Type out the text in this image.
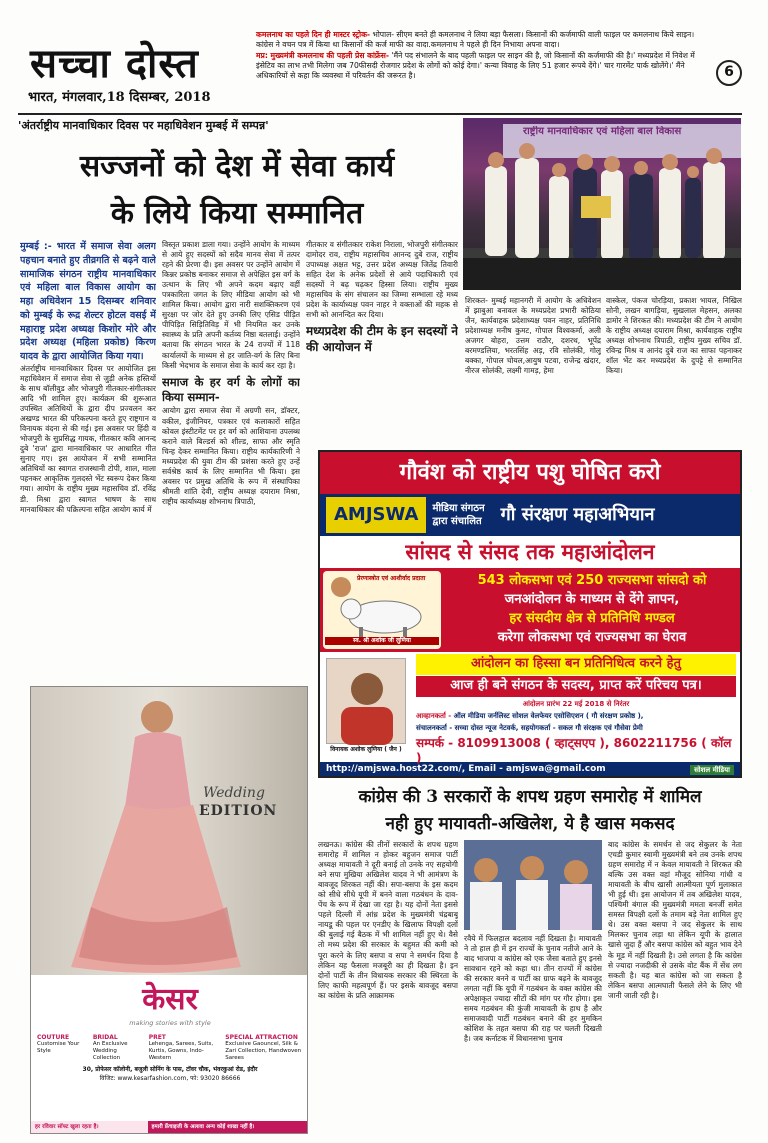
सच्चा दोस्त
भारत, मंगलवार,18 दिसम्बर, 2018

कमलनाथ का पहले दिन ही मास्टर स्ट्रोक- भोपाल- सीएम बनते ही कमलनाथ ने लिया बड़ा फैसला। किसानों की कर्जमाफी वाली फाइल पर कमलनाथ किये साइन। कांग्रेस ने वचन पत्र में किया था किसानों की कर्ज माफी का वादा.कमलनाथ ने पहले ही दिन निभाया अपना वादा।

मप्र: मुख्यमंत्री कमलनाथ की पहली प्रेस कांफ्रेंस- 'मैंने पद संभालने के बाद पहली फाइल पर साइन की है, जो किसानों की कर्जमाफी की है।' मध्यप्रदेश में निवेश में इंसेटिव का लाभ तभी मिलेगा जब 70फीसदी रोजगार प्रदेश के लोगों को कोई देगा।' कन्या विवाह के लिए 51 हजार रूपये देंगे।' चार गारमेंट पार्क खोलेंगे।' मैंने अधिकारियों से कहा कि व्यवस्था में परिवर्तन की जरूरत है।	6
'अंतर्राष्ट्रीय मानवाधिकार दिवस पर महाधिवेशन मुम्बई में सम्पन्न'
सज्जनों को देश में सेवा कार्य
के लिये किया सम्मानित
राष्ट्रीय मानवाधिकार एवं महिला बाल विकास

मुम्बई :- भारत में समाज सेवा अलग पहचान बनाते हुए तीव्रगति से बढ़ने वाले सामाजिक संगठन राष्ट्रीय मानवाधिकार एवं महिला बाल विकास आयोग का महा अधिवेशन 15 दिसम्बर शनिवार को मुम्बई के रूद्र शेल्टर होटल वसई में महाराष्ट्र प्रदेश अध्यक्ष किशोर मोरे और प्रदेश अध्यक्ष (महिला प्रकोष्ठ) किरण यादव के द्वारा आयोजित किया गया।

अंतर्राष्ट्रीय मानवाधिकार दिवस पर आयोजित इस महाधिवेशन में समाज सेवा से जुड़ी अनेक हस्तियों के साथ बॉलीवुड और भोजपुरी गीतकार-संगीतकार आदि भी शामिल हुए। कार्यक्रम की शुरूआत उपस्थित अतिथियों के द्वारा दीप प्रज्वलन कर अखण्ड भारत की परिकल्पना करते हुए राष्ट्रगान व विनायक वंदना से की गई। इस अवसर पर हिंदी व भोजपुरी के सुप्रसिद्ध गायक, गीतकार कवि आनन्द दुबे 'राज' द्वारा मानवाधिकार पर आधारित गीत सुनाए गए। इस आयोजन में सभी सम्मानित अतिथियों का स्वागत राजस्थानी टोपी, शाल, माला पहनकर आकृतिक गुलदस्ते भेंट स्वरूप देकर किया गया। आयोग के राष्ट्रीय मुख्य महासचिव डॉ. रविंद्र डी. मिश्रा द्वारा स्वागत भाषण के साथ मानवाधिकार की पक्रिल्पना सहित आयोग कार्य में

विस्तृत प्रकाश डाला गया। उन्होंने आयोग के माध्यम से आये हुए सदस्यों को सदैव मानव सेवा में तत्पर रहने की प्रेरणा दी। इस अवसर पर उन्होंने आयोग में किन्नर प्रकोष्ठ बनाकर समाज से अपेक्षित इस वर्ग के उत्थान के लिए भी अपने कदम बढ़ाए वहीं पत्रकारिता जगत के लिए मीडिया आयोग को भी शामिल किया। आयोग द्वारा नारी सशक्तिकरण एवं सुरक्षा पर जोर देते हुए उनकी लिए एसिड पीड़ित पीपिड़ित सिड़ितिविड़ में भी नियमित कर उनके स्वास्थ्य के प्रति अपनी कर्तव्य निष्ठा बतलाई। उन्होंने बताया कि संगठन भारत के 24 राज्यों में 118 कार्यालयों के माध्यम से हर जाति-वर्ग के लिए बिना किसी भेदभाव के समाज सेवा के कार्य कर रहा है।

समाज के हर वर्ग के लोगों का किया सम्मान-

आयोग द्वारा समाज सेवा में अग्रणी सन, डॉक्टर, वकील, इंजीनियर, पत्रकार एवं कलाकारों सहित कोवल इंस्टीटमेंट पर हर वर्ग को आशियाना उपलब्ध कराने वाले बिल्डर्स को शील्ड, साफा और स्मृति चिन्ह देकर सम्मानित किया। राष्ट्रीय कार्यकारिणी ने मध्यप्रदेश की युवा टीम की प्रशंसा करते हुए उन्हें सर्वश्रेष्ठ कार्य के लिए सम्मानित भी किया। इस अवसर पर प्रमुख अतिथि के रूप में संस्थापिका श्रीमती शांति देवी, राष्ट्रीय अध्यक्ष दयाराम मिश्रा, राष्ट्रीय कार्याध्यक्ष शोभनाथ त्रिपाठी,

गीतकार व संगीतकार राकेश निराला, भोजपुरी संगीतकार दामोदर राव, राष्ट्रीय महासचिव आनन्द दुबे राज, राष्ट्रीय उपाध्यक्ष अक्षत भट्ट, उत्तर प्रदेश अध्यक्ष जितेंद्र तिवारी सहित देश के अनेक प्रदेशों से आये पदाधिकारी एवं सदस्यों ने बढ़ चढ़कर हिस्सा लिया। राष्ट्रीय मुख्य महासचिव के संग संचालन का जिम्मा सम्भाला रहे मध्य प्रदेश के कार्याध्यक्ष पवन नाहर ने वक्ताओं की महक से सभी को आनन्दित कर दिया।

मध्यप्रदेश की टीम के इन सदस्यों ने की आयोजन में

शिरकत- मुम्बई महानगरी में आयोग के अधिवेशन में झाबुआ बनावल के मध्यप्रदेश प्रभारी कोठिया जैन, कार्यवाहक प्रदेशाध्यक्ष पवन नाहर, प्रतिनिधि प्रदेशाध्यक्ष मनीष कुमट, गोपाल विश्वकर्मा, अली अजगर बोहरा, उत्तम राठौर, दशरथ, भूपेंद्र बरमण्डलिया, भरतसिंह अड़, रवि सोलंकी, गोलू बक्का, गोपाल चोयल,आयुष पटवा, राजेन्द्र खंदार, नीरज सोलंकी, लक्ष्मी गामड़, हेमा

वास्केल, पंकज चोरड़िया, प्रकाश भायल, निखिल सोनी, लखन बागड़िया, सुखलाल मेहसन, अलका डामोर ने शिरकत की। मध्यप्रदेश की टीम ने आयोग के राष्ट्रीय अध्यक्ष दयाराम मिश्रा, कार्यवाहक राष्ट्रीय अध्यक्ष शोभनाथ त्रिपाठी, राष्ट्रीय मुख्य सचिव डॉ. रविन्द्र मिश्र व आनंद दुबे राज का साफा पहनाकर शॉल भेंट कर मध्यप्रदेश के दुपट्टे से सम्मानित किया।

गौवंश को राष्ट्रीय पशु घोषित करो
AMJSWA	मीडिया संगठन
द्वारा संचालित गौ संरक्षण महाअभियान
सांसद से संसद तक महाआंदोलन
प्रेरणास्त्रोत एवं आशीर्वाद प्रदाता
स्व. श्री अशोक जी लुणिया
543 लोकसभा एवं 250 राज्यसभा सांसदो को
जनआंदोलन के माध्यम से देंगे ज्ञापन,
हर संसदीय क्षेत्र से प्रतिनिधि मण्डल
करेगा लोकसभा एवं राज्यसभा का घेराव
विनायक अशोक लुणिया ( जैन )
आंदोलन का हिस्सा बन प्रतिनिधित्व करने हेतु
आज ही बने संगठन के सदस्य, प्राप्त करें परिचय पत्र।
आंदोलन प्रारंभ 22 मई 2018 से निरंतर
आव्हानकर्ता - ऑल मीडिया जर्नलिस्ट सोशल वेलफेयर एसोसिएशन ( गौ संरक्षण प्रकोष्ठ ),
संचालनकर्ता - सच्चा दोस्त न्यूज नेटवर्क, सहयोगकर्ता - सकल गौ संरक्षक एवं गौसेवा प्रेमी
सम्पर्क - 8109913008 ( व्हाट्सएप ), 8602211756 ( कॉल )
http://amjswa.host22.com/, Email - amjswa@gmail.com	सोशल मीडिया
Wedding
EDITION
केसर
making stories with style
COUTURE
Customise Your Style
BRIDAL
An Exclusive Wedding Collection
PRET
Lehenga, Sarees, Suits, Kurtis, Gowns, Indo-Western
SPECIAL ATTRACTION
Exclusive Gaouncel, Silk & Zari Collection, Handwoven Sarees
30, प्रोफेसर कॉलोनी, बजुली सोनिंग के पास, टॉवर चौक, भंवरकुआं रोड, इंदौर
विजिट: www.kesarfashion.com, फो: 93020 86666
हर रविवार सॉफ्ट खुला रहता है।	हमारी फ्रेंचाइजी के अलावा अन्य कोई शाखा नहीं है।
कांग्रेस की 3 सरकारों के शपथ ग्रहण समारोह में शामिल
नही हुए मायावती-अखिलेश, ये है खास मकसद

लखनऊ। कांग्रेस की तीनों सरकारों के शपथ ग्रहण समारोह में शामिल न होकर बहुजन समाज पार्टी अध्यक्ष मायावती ने दूरी बनाई तो उनके नए सहयोगी बने सपा मुखिया अखिलेश यादव ने भी आमंत्रण के बावजूद शिरकत नहीं की। सपा-बसपा के इस कदम को सीधे सीधे यूपी में बनने वाला गठबंधन के दाव-पेंच के रूप में देखा जा रहा है। यह दोनों नेता इससे पहले दिल्ली में आंध्र प्रदेश के मुख्यमंत्री चंद्रबाबू नायडू की पहल पर एनडीए के खिलाफ विपक्षी दलों की बुलाई गई बैठक में भी शामिल नहीं हुए थे। वैसे तो मध्य प्रदेश की सरकार के बहुमत की कमी को पूरा करने के लिए बसपा व सपा ने समर्थन दिया है लेकिन यह फैसला मजबूरी का ही दिखता है। इन दोनों पार्टी के तीन विधायक सरकार की स्थिरता के लिए काफी महत्वपूर्ण हैं। पर इसके बावजूद बसपा का कांग्रेस के प्रति आक्रामक

रवैये में फिलहाल बदलाव नहीं दिखता है। मायावती ने तो हाल ही में इन राज्यों के चुनाव नतीजे आने के बाद भाजपा व कांग्रेस को एक जैसा बताते हुए इनसे सावधान रहने को कहा था। तीन राज्यों में कांग्रेस की सरकार बनने व पार्टी का ग्राफ बढ़ने के बावजूद लगता नहीं कि यूपी में गठबंधन के वक्त कांग्रेस की अपेक्षाकृत ज्यादा सीटों की मांग पर गौर होगा। इस समय गठबंधन की कुंजी मायावती के हाथ है और समाजवादी पार्टी गठबंधन बनाने की हर मुमकिन कोशिश के तहत बसपा की राह पर चलती दिखती है। जब कर्नाटक में विधानसभा चुनाव

बाद कांग्रेस के समर्थन से जद सेकुलर के नेता एचडी कुमार स्वामी मुख्यमंत्री बने तब उनके शपथ ग्रहण समारोह में न केवल मायावती ने शिरकत की बल्कि उस वक्त वहां मौजूद सोनिया गांधी व मायावती के बीच खासी आत्मीयता पूर्ण मुलाकात भी हुई थी। इस आयोजन में तब अखिलेश यादव, पश्चिमी बंगाल की मुख्यमंत्री ममता बनर्जी समेत समस्त विपक्षी दलों के तमाम बड़े नेता शामिल हुए थे। उस वक्त बसपा ने जद सेकुलर के साथ मिलकर चुनाव लड़ा था लेकिन यूपी के हालात खासे जुदा हैं और बसपा कांग्रेस को बहुत भाव देने के मूड में नहीं दिखती है। उसे लगता है कि कांग्रेस से ज्यादा नजदीकी से उसके वोट बैंक में सेंध लग सकती है। यह बात कांग्रेस को जा सकता है लेकिन बसपा आत्मघाती फैसले लेने के लिए भी जानी जाती रही है।
